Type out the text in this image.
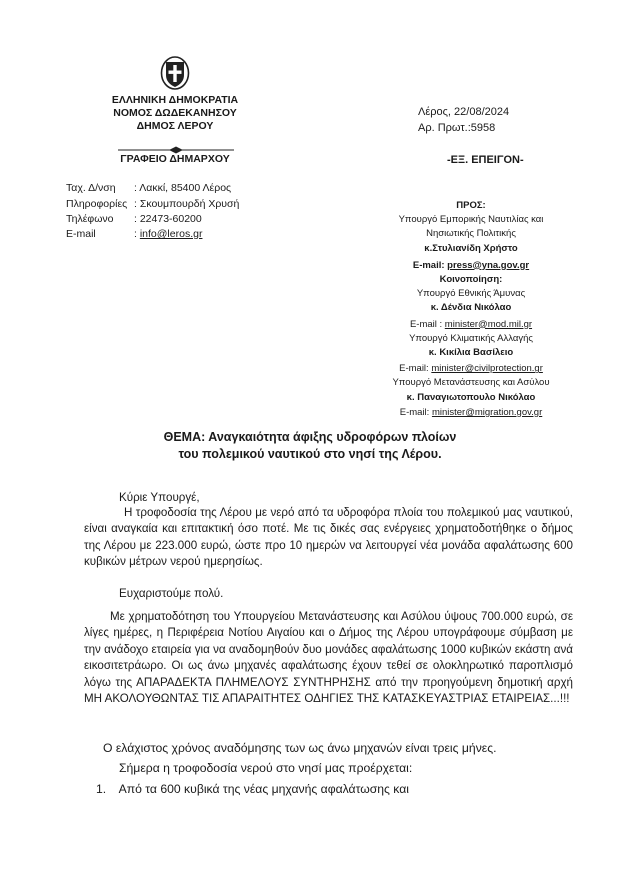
ΕΛΛΗΝΙΚΗ ΔΗΜΟΚΡΑΤΙΑ
ΝΟΜΟΣ ΔΩΔΕΚΑΝΗΣΟΥ
ΔΗΜΟΣ ΛΕΡΟΥ
ΓΡΑΦΕΙΟ ΔΗΜΑΡΧΟΥ
Λέρος, 22/08/2024
Αρ. Πρωτ.:5958
-ΕΞ. ΕΠΕΙΓΟΝ-
Ταχ. Δ/νση : Λακκί, 85400 Λέρος
Πληροφορίες : Σκουμπουρδή Χρυσή
Τηλέφωνο : 22473-60200
E-mail	: info@leros.gr
ΠΡΟΣ:
Υπουργό Εμπορικής Ναυτιλίας και
Νησιωτικής Πολιτικής
κ.Στυλιανίδη Χρήστο
E-mail: press@yna.gov.gr
Κοινοποίηση:
Υπουργό Εθνικής Άμυνας
κ. Δένδια Νικόλαο
E-mail : minister@mod.mil.gr
Υπουργό Κλιματικής Αλλαγής
κ. Κικίλια Βασίλειο
E-mail: minister@civilprotection.gr
Υπουργό Μετανάστευσης και Ασύλου
κ. Παναγιωτοπουλο Νικόλαο
E-mail: minister@migration.gov.gr
ΘΕΜΑ: Αναγκαιότητα άφιξης υδροφόρων πλοίων
του πολεμικού ναυτικού στο νησί της Λέρου.
Κύριε Υπουργέ,
Η τροφοδοσία της Λέρου με νερό από τα υδροφόρα πλοία του πολεμικού μας ναυτικού, είναι αναγκαία και επιτακτική όσο ποτέ. Με τις δικές σας ενέργειες χρηματοδοτήθηκε ο δήμος της Λέρου με 223.000 ευρώ, ώστε προ 10 ημερών να λειτουργεί νέα μονάδα αφαλάτωσης 600 κυβικών μέτρων νερού ημερησίως.
Ευχαριστούμε πολύ.
Με χρηματοδότηση του Υπουργείου Μετανάστευσης και Ασύλου ύψους 700.000 ευρώ, σε λίγες ημέρες, η Περιφέρεια Νοτίου Αιγαίου και ο Δήμος της Λέρου υπογράφουμε σύμβαση με την ανάδοχο εταιρεία για να αναδομηθούν δυο μονάδες αφαλάτωσης 1000 κυβικών εκάστη ανά εικοσιτετράωρο. Οι ως άνω μηχανές αφαλάτωσης έχουν τεθεί σε ολοκληρωτικό παροπλισμό λόγω της ΑΠΑΡΑΔΕΚΤΑ ΠΛΗΜΕΛΟΥΣ ΣΥΝΤΗΡΗΣΗΣ από την προηγούμενη δημοτική αρχή ΜΗ ΑΚΟΛΟΥΘΩΝΤΑΣ ΤΙΣ ΑΠΑΡΑΙΤΗΤΕΣ ΟΔΗΓΙΕΣ ΤΗΣ ΚΑΤΑΣΚΕΥΑΣΤΡΙΑΣ ΕΤΑΙΡΕΙΑΣ...!!!
Ο ελάχιστος χρόνος αναδόμησης των ως άνω μηχανών είναι τρεις μήνες.
Σήμερα η τροφοδοσία νερού στο νησί μας προέρχεται:
1. Από τα 600 κυβικά της νέας μηχανής αφαλάτωσης και
